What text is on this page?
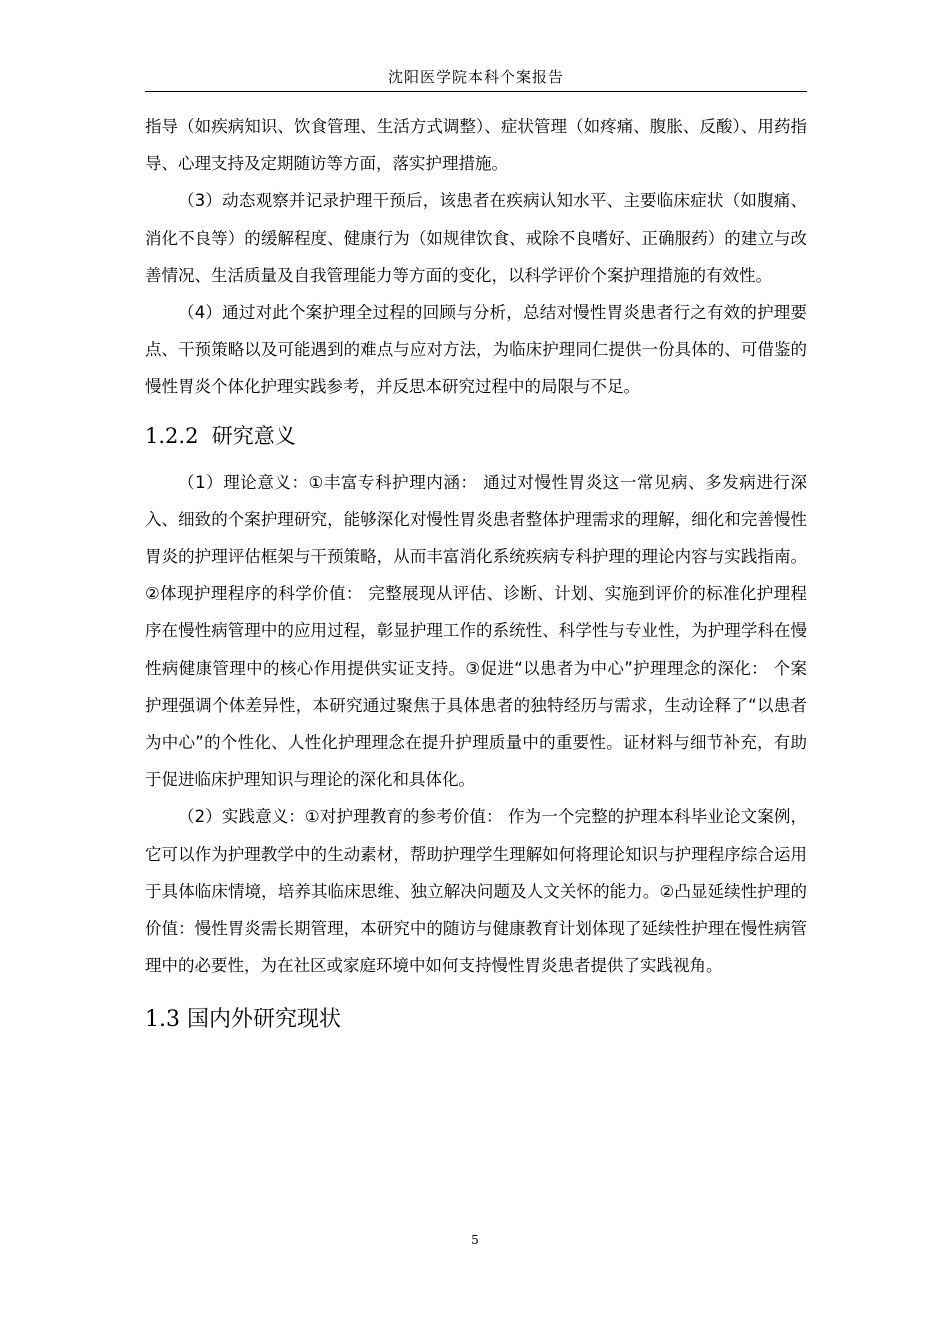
沈阳医学院本科个案报告

指导（如疾病知识、饮食管理、生活方式调整）、症状管理（如疼痛、腹胀、反酸）、用药指导、心理支持及定期随访等方面，落实护理措施。

（3）动态观察并记录护理干预后，该患者在疾病认知水平、主要临床症状（如腹痛、消化不良等）的缓解程度、健康行为（如规律饮食、戒除不良嗜好、正确服药）的建立与改善情况、生活质量及自我管理能力等方面的变化，以科学评价个案护理措施的有效性。

（4）通过对此个案护理全过程的回顾与分析，总结对慢性胃炎患者行之有效的护理要点、干预策略以及可能遇到的难点与应对方法，为临床护理同仁提供一份具体的、可借鉴的慢性胃炎个体化护理实践参考，并反思本研究过程中的局限与不足。

1.2.2 研究意义

（1）理论意义：①丰富专科护理内涵： 通过对慢性胃炎这一常见病、多发病进行深入、细致的个案护理研究，能够深化对慢性胃炎患者整体护理需求的理解，细化和完善慢性胃炎的护理评估框架与干预策略，从而丰富消化系统疾病专科护理的理论内容与实践指南。②体现护理程序的科学价值： 完整展现从评估、诊断、计划、实施到评价的标准化护理程序在慢性病管理中的应用过程，彰显护理工作的系统性、科学性与专业性，为护理学科在慢性病健康管理中的核心作用提供实证支持。③促进“以患者为中心”护理理念的深化： 个案护理强调个体差异性，本研究通过聚焦于具体患者的独特经历与需求，生动诠释了“以患者为中心”的个性化、人性化护理理念在提升护理质量中的重要性。证材料与细节补充，有助于促进临床护理知识与理论的深化和具体化。

（2）实践意义：①对护理教育的参考价值： 作为一个完整的护理本科毕业论文案例，它可以作为护理教学中的生动素材，帮助护理学生理解如何将理论知识与护理程序综合运用于具体临床情境，培养其临床思维、独立解决问题及人文关怀的能力。②凸显延续性护理的价值：慢性胃炎需长期管理，本研究中的随访与健康教育计划体现了延续性护理在慢性病管理中的必要性，为在社区或家庭环境中如何支持慢性胃炎患者提供了实践视角。

1.3 国内外研究现状
5
